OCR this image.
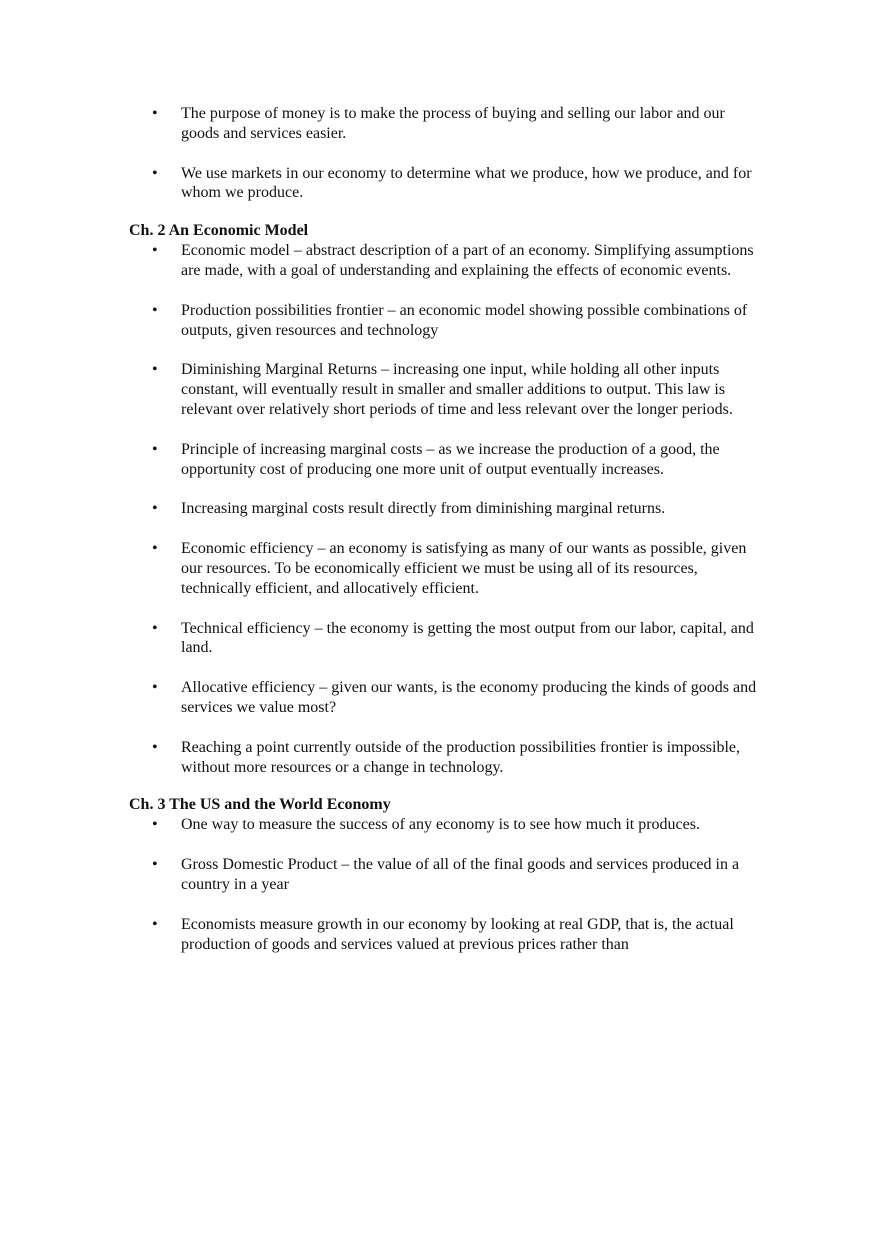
• The purpose of money is to make the process of buying and selling our labor and our goods and services easier.
• We use markets in our economy to determine what we produce, how we produce, and for whom we produce.
Ch. 2 An Economic Model
• Economic model – abstract description of a part of an economy. Simplifying assumptions are made, with a goal of understanding and explaining the effects of economic events.
• Production possibilities frontier – an economic model showing possible combinations of outputs, given resources and technology
• Diminishing Marginal Returns – increasing one input, while holding all other inputs constant, will eventually result in smaller and smaller additions to output. This law is relevant over relatively short periods of time and less relevant over the longer periods.
• Principle of increasing marginal costs – as we increase the production of a good, the opportunity cost of producing one more unit of output eventually increases.
• Increasing marginal costs result directly from diminishing marginal returns.
• Economic efficiency – an economy is satisfying as many of our wants as possible, given our resources. To be economically efficient we must be using all of its resources, technically efficient, and allocatively efficient.
• Technical efficiency – the economy is getting the most output from our labor, capital, and land.
• Allocative efficiency – given our wants, is the economy producing the kinds of goods and services we value most?
• Reaching a point currently outside of the production possibilities frontier is impossible, without more resources or a change in technology.
Ch. 3 The US and the World Economy
• One way to measure the success of any economy is to see how much it produces.
• Gross Domestic Product – the value of all of the final goods and services produced in a country in a year
• Economists measure growth in our economy by looking at real GDP, that is, the actual production of goods and services valued at previous prices rather than
